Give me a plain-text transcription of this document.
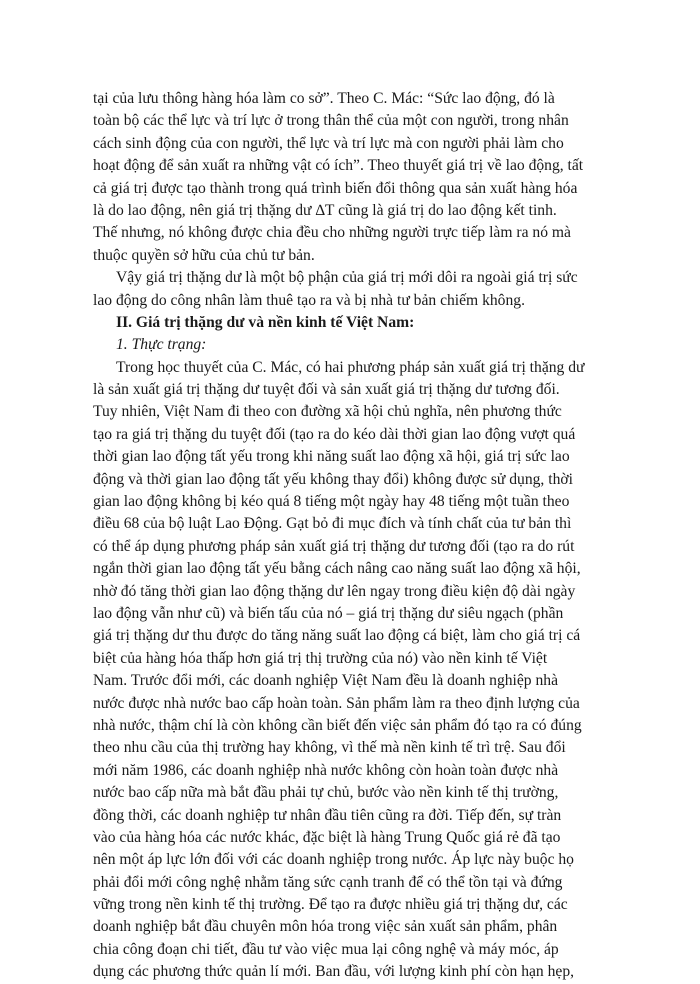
tại của lưu thông hàng hóa làm co sở”. Theo C. Mác: “Sức lao động, đó là
toàn bộ các thể lực và trí lực ở trong thân thể của một con người, trong nhân
cách sinh động của con người, thể lực và trí lực mà con người phải làm cho
hoạt động để sản xuất ra những vật có ích”. Theo thuyết giá trị về lao động, tất
cả giá trị được tạo thành trong quá trình biến đổi thông qua sản xuất hàng hóa
là do lao động, nên giá trị thặng dư ∆T cũng là giá trị do lao động kết tinh.
Thế nhưng, nó không được chia đều cho những người trực tiếp làm ra nó mà
thuộc quyền sở hữu của chủ tư bản.
Vậy giá trị thặng dư là một bộ phận của giá trị mới dôi ra ngoài giá trị sức
lao động do công nhân làm thuê tạo ra và bị nhà tư bản chiếm không.
II. Giá trị thặng dư và nền kinh tế Việt Nam:
1. Thực trạng:
Trong học thuyết của C. Mác, có hai phương pháp sản xuất giá trị thặng dư
là sản xuất giá trị thặng dư tuyệt đối và sản xuất giá trị thặng dư tương đối.
Tuy nhiên, Việt Nam đi theo con đường xã hội chủ nghĩa, nên phương thức
tạo ra giá trị thặng du tuyệt đối (tạo ra do kéo dài thời gian lao động vượt quá
thời gian lao động tất yếu trong khi năng suất lao động xã hội, giá trị sức lao
động và thời gian lao động tất yếu không thay đổi) không được sử dụng, thời
gian lao động không bị kéo quá 8 tiếng một ngày hay 48 tiếng một tuần theo
điều 68 của bộ luật Lao Động. Gạt bỏ đi mục đích và tính chất của tư bản thì
có thể áp dụng phương pháp sản xuất giá trị thặng dư tương đối (tạo ra do rút
ngắn thời gian lao động tất yếu bằng cách nâng cao năng suất lao động xã hội,
nhờ đó tăng thời gian lao động thặng dư lên ngay trong điều kiện độ dài ngày
lao động vẫn như cũ) và biến tấu của nó – giá trị thặng dư siêu ngạch (phần
giá trị thặng dư thu được do tăng năng suất lao động cá biệt, làm cho giá trị cá
biệt của hàng hóa thấp hơn giá trị thị trường của nó) vào nền kinh tế Việt
Nam. Trước đổi mới, các doanh nghiệp Việt Nam đều là doanh nghiệp nhà
nước được nhà nước bao cấp hoàn toàn. Sản phẩm làm ra theo định lượng của
nhà nước, thậm chí là còn không cần biết đến việc sản phẩm đó tạo ra có đúng
theo nhu cầu của thị trường hay không, vì thế mà nền kinh tế trì trệ. Sau đổi
mới năm 1986, các doanh nghiệp nhà nước không còn hoàn toàn được nhà
nước bao cấp nữa mà bắt đầu phải tự chủ, bước vào nền kinh tế thị trường,
đồng thời, các doanh nghiệp tư nhân đầu tiên cũng ra đời. Tiếp đến, sự tràn
vào của hàng hóa các nước khác, đặc biệt là hàng Trung Quốc giá rẻ đã tạo
nên một áp lực lớn đối với các doanh nghiệp trong nước. Áp lực này buộc họ
phải đổi mới công nghệ nhằm tăng sức cạnh tranh để có thể tồn tại và đứng
vững trong nền kinh tế thị trường. Để tạo ra được nhiều giá trị thặng dư, các
doanh nghiệp bắt đầu chuyên môn hóa trong việc sản xuất sản phẩm, phân
chia công đoạn chi tiết, đầu tư vào việc mua lại công nghệ và máy móc, áp
dụng các phương thức quản lí mới. Ban đầu, với lượng kinh phí còn hạn hẹp,
